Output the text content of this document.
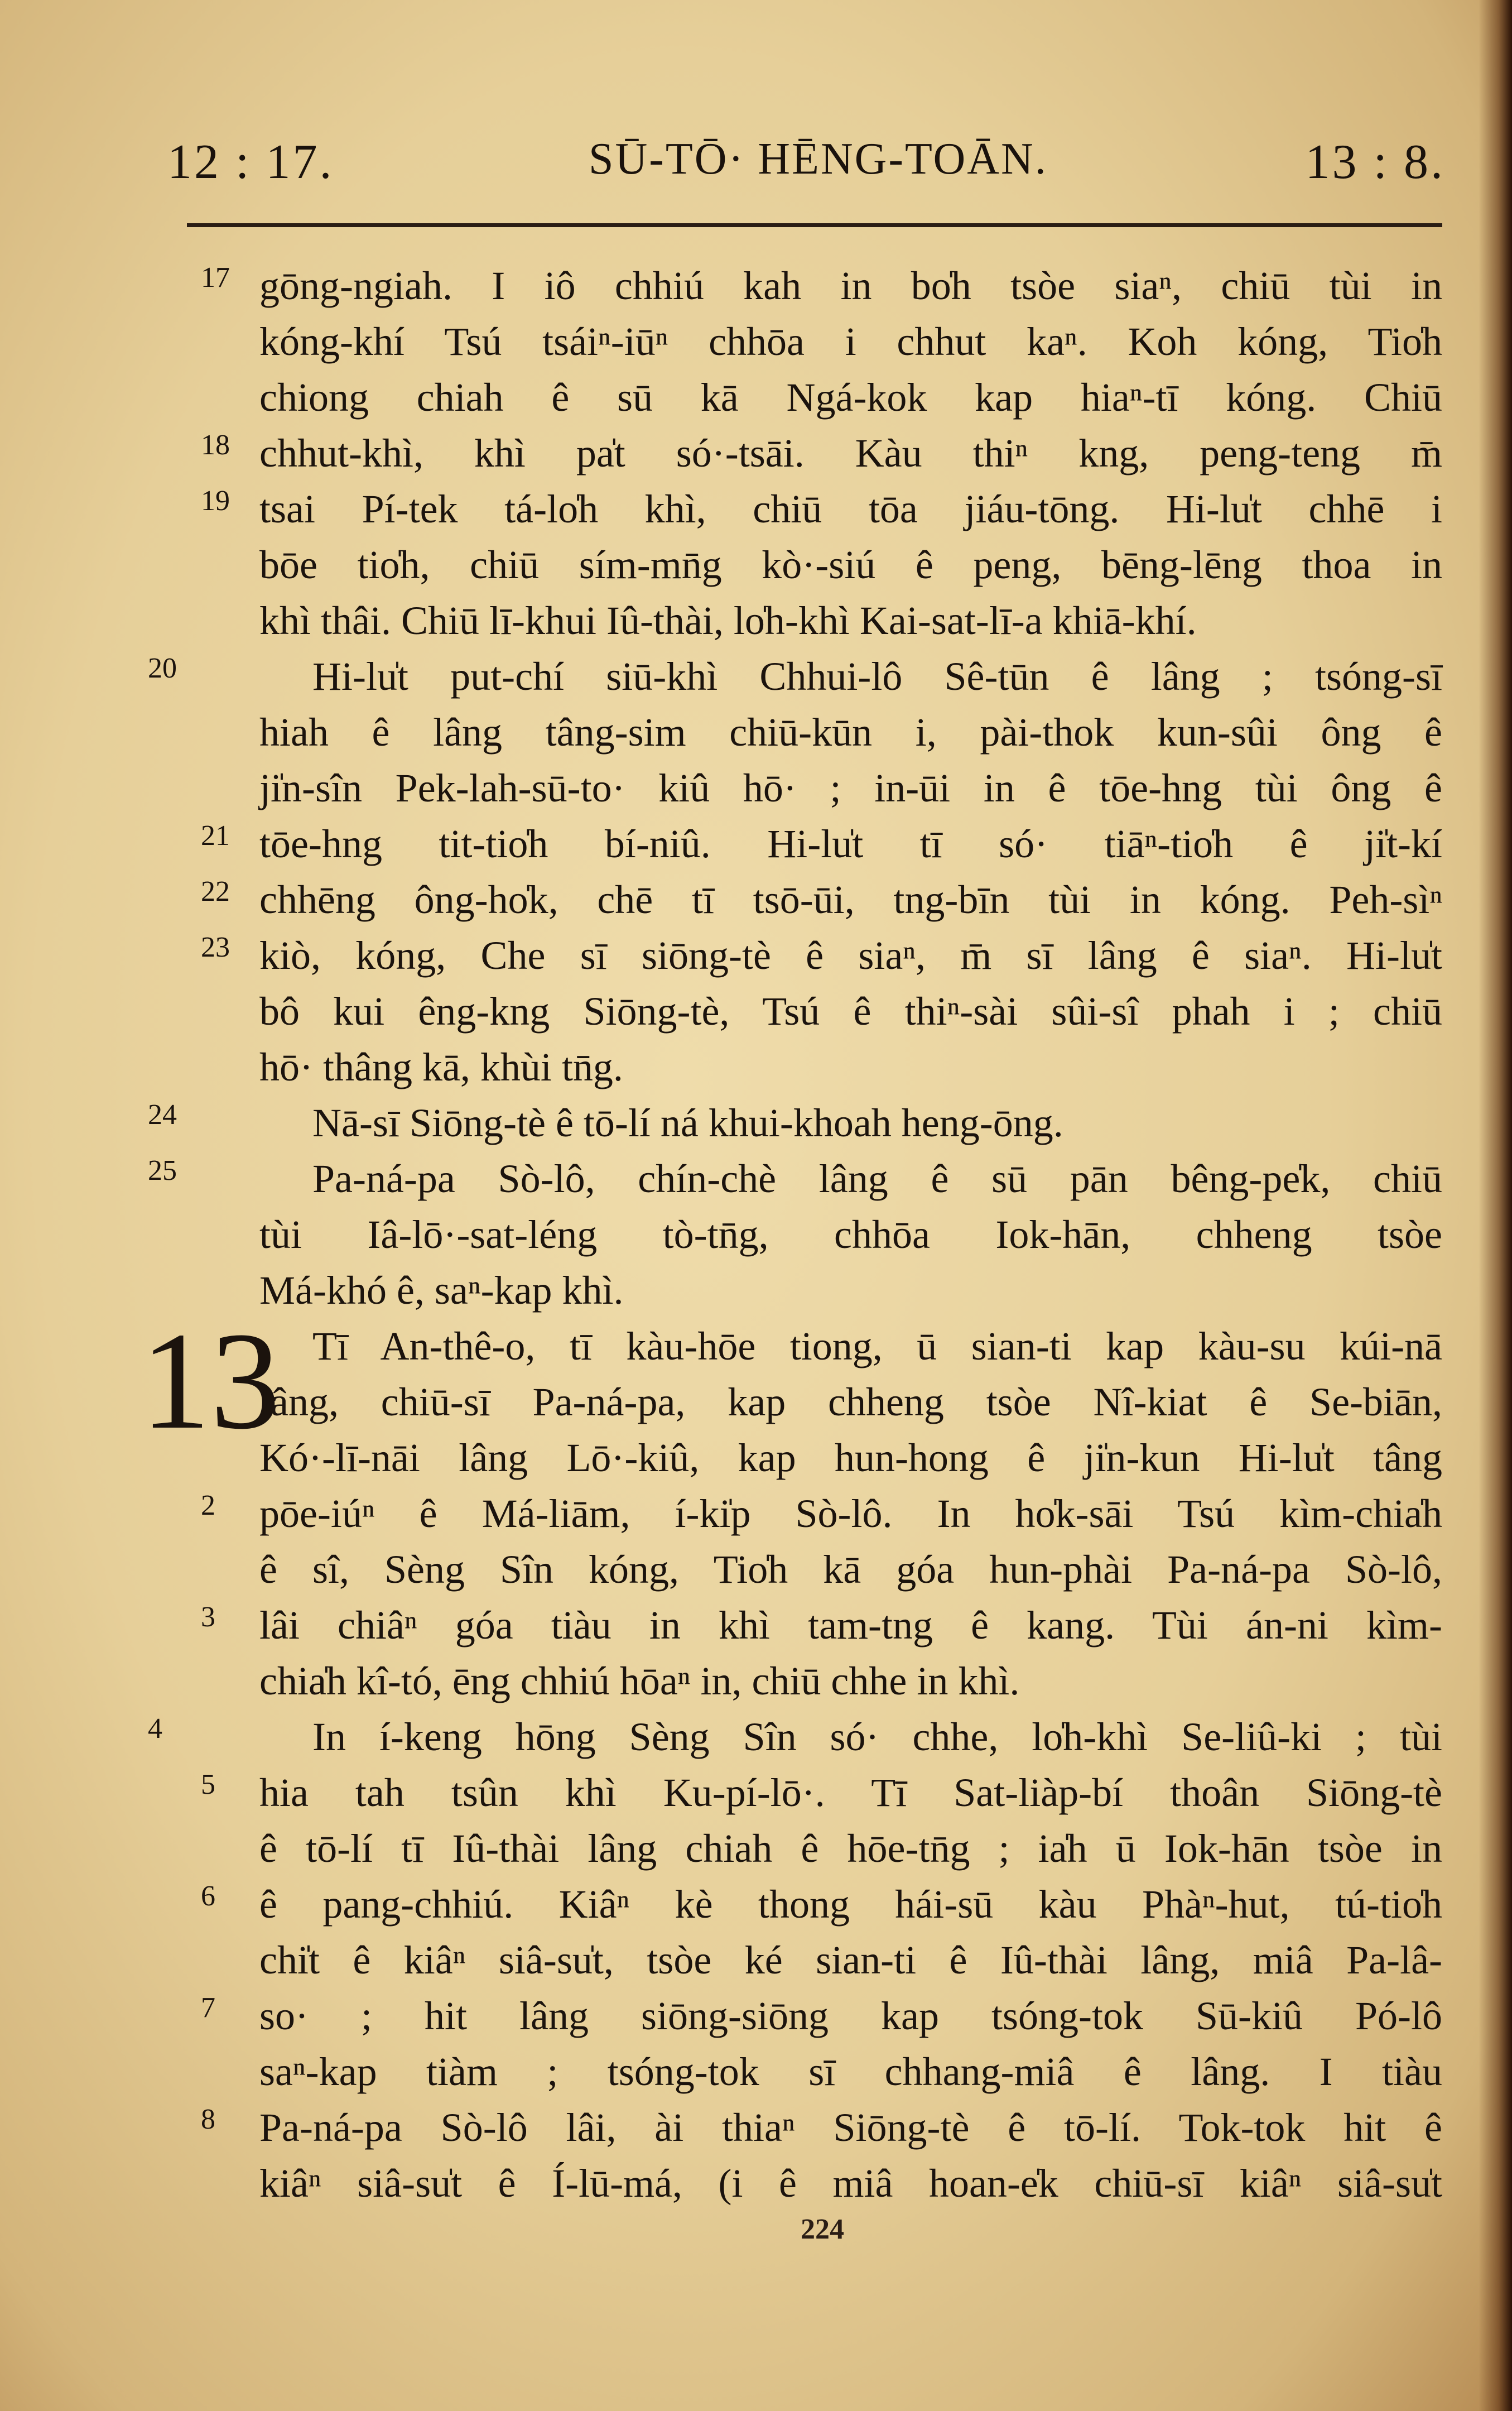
12 : 17.	SŪ-TŌ· HĒNG-TOĀN.	13 : 8.
13
17 gōng-ngiah. I iô chhiú kah in bo̍h tsòe siaⁿ, chiū tùi in
kóng-khí Tsú tsáiⁿ-iūⁿ chhōa i chhut kaⁿ. Koh kóng, Tio̍h
chiong chiah ê sū kā Ngá-kok kap hiaⁿ-tī kóng. Chiū
18 chhut-khì, khì pa̍t só·-tsāi. Kàu thiⁿ kng, peng-teng m̄
19 tsai Pí-tek tá-lo̍h khì, chiū tōa jiáu-tōng. Hi-lu̍t chhē i
bōe tio̍h, chiū sím-mn̄g kò·-siú ê peng, bēng-lēng thoa in
khì thâi. Chiū lī-khui Iû-thài, lo̍h-khì Kai-sat-lī-a khiā-khí.
20	Hi-lu̍t put-chí siū-khì Chhui-lô Sê-tūn ê lâng ; tsóng-sī
hiah ê lâng tâng-sim chiū-kūn i, pài-thok kun-sûi ông ê
ji̍n-sîn Pek-lah-sū-to· kiû hō· ; in-ūi in ê tōe-hng tùi ông ê
21 tōe-hng tit-tio̍h bí-niû. Hi-lu̍t tī só· tiāⁿ-tio̍h ê ji̍t-kí
22 chhēng ông-ho̍k, chē tī tsō-ūi, tng-bīn tùi in kóng. Peh-sìⁿ
23 kiò, kóng, Che sī siōng-tè ê siaⁿ, m̄ sī lâng ê siaⁿ. Hi-lu̍t
bô kui êng-kng Siōng-tè, Tsú ê thiⁿ-sài sûi-sî phah i ; chiū
hō· thâng kā, khùi tn̄g.
24	Nā-sī Siōng-tè ê tō-lí ná khui-khoah heng-ōng.
25	Pa-ná-pa Sò-lô, chín-chè lâng ê sū pān bêng-pe̍k, chiū
tùi Iâ-lō·-sat-léng tò-tn̄g, chhōa Iok-hān, chheng tsòe
Má-khó ê, saⁿ-kap khì.
Tī An-thê-o, tī kàu-hōe tiong, ū sian-ti kap kàu-su kúi-nā
lâng, chiū-sī Pa-ná-pa, kap chheng tsòe Nî-kiat ê Se-biān,
Kó·-lī-nāi lâng Lō·-kiû, kap hun-hong ê ji̍n-kun Hi-lu̍t tâng
2	pōe-iúⁿ ê Má-liām, í-ki̍p Sò-lô. In ho̍k-sāi Tsú kìm-chia̍h
ê sî, Sèng Sîn kóng, Tio̍h kā góa hun-phài Pa-ná-pa Sò-lô,
3	lâi chiâⁿ góa tiàu in khì tam-tng ê kang. Tùi án-ni kìm-
chia̍h kî-tó, ēng chhiú hōaⁿ in, chiū chhe in khì.
4	In í-keng hōng Sèng Sîn só· chhe, lo̍h-khì Se-liû-ki ; tùi
5	hia tah tsûn khì Ku-pí-lō·. Tī Sat-liàp-bí thoân Siōng-tè
ê tō-lí tī Iû-thài lâng chiah ê hōe-tn̄g ; ia̍h ū Iok-hān tsòe in
6	ê pang-chhiú. Kiâⁿ kè thong hái-sū kàu Phàⁿ-hut, tú-tio̍h
chi̍t ê kiâⁿ siâ-su̍t, tsòe ké sian-ti ê Iû-thài lâng, miâ Pa-lâ-
7	so· ; hit lâng siōng-siōng kap tsóng-tok Sū-kiû Pó-lô
saⁿ-kap tiàm ; tsóng-tok sī chhang-miâ ê lâng. I tiàu
8	Pa-ná-pa Sò-lô lâi, ài thiaⁿ Siōng-tè ê tō-lí. Tok-tok hit ê
kiâⁿ siâ-su̍t ê Í-lū-má, (i ê miâ hoan-e̍k chiū-sī kiâⁿ siâ-su̍t
224
